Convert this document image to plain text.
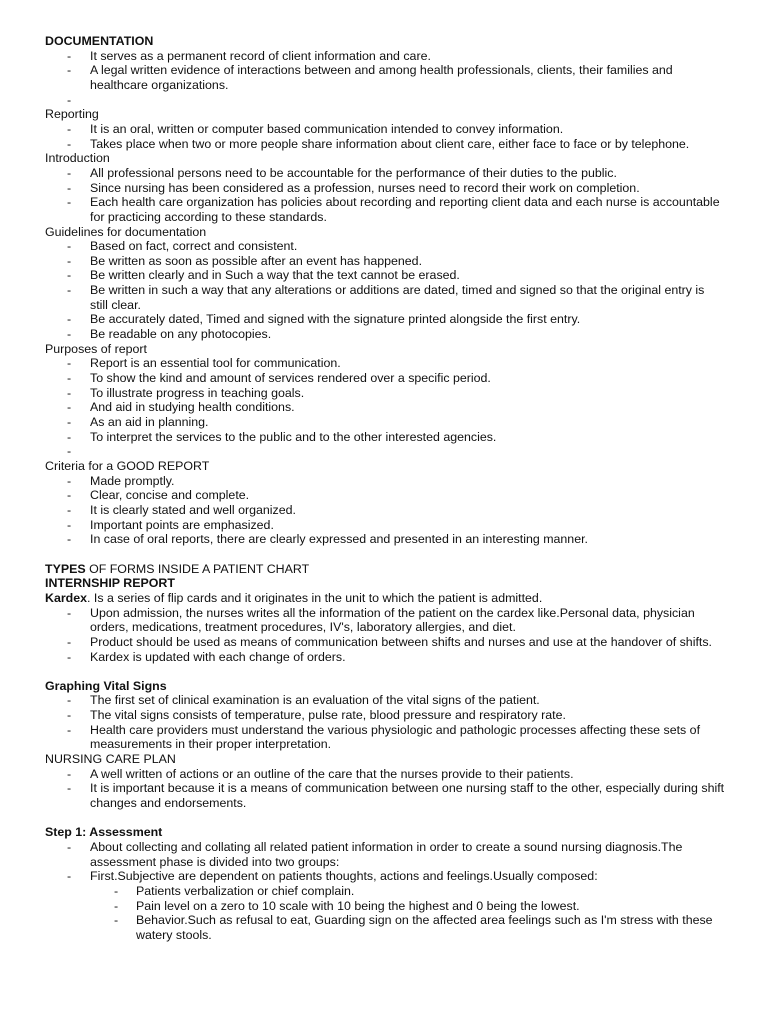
DOCUMENTATION

- It serves as a permanent record of client information and care.
- A legal written evidence of interactions between and among health professionals, clients, their families and healthcare organizations.
-

Reporting

- It is an oral, written or computer based communication intended to convey information.
- Takes place when two or more people share information about client care, either face to face or by telephone.

Introduction

- All professional persons need to be accountable for the performance of their duties to the public.
- Since nursing has been considered as a profession, nurses need to record their work on completion.
- Each health care organization has policies about recording and reporting client data and each nurse is accountable for practicing according to these standards.

Guidelines for documentation

- Based on fact, correct and consistent.
- Be written as soon as possible after an event has happened.
- Be written clearly and in Such a way that the text cannot be erased.
- Be written in such a way that any alterations or additions are dated, timed and signed so that the original entry is still clear.
- Be accurately dated, Timed and signed with the signature printed alongside the first entry.
- Be readable on any photocopies.

Purposes of report

- Report is an essential tool for communication.
- To show the kind and amount of services rendered over a specific period.
- To illustrate progress in teaching goals.
- And aid in studying health conditions.
- As an aid in planning.
- To interpret the services to the public and to the other interested agencies.
-

Criteria for a GOOD REPORT

- Made promptly.
- Clear, concise and complete.
- It is clearly stated and well organized.
- Important points are emphasized.
- In case of oral reports, there are clearly expressed and presented in an interesting manner.

TYPES OF FORMS INSIDE A PATIENT CHART

INTERNSHIP REPORT

Kardex. Is a series of flip cards and it originates in the unit to which the patient is admitted.

- Upon admission, the nurses writes all the information of the patient on the cardex like.Personal data, physician orders, medications, treatment procedures, IV's, laboratory allergies, and diet.
- Product should be used as means of communication between shifts and nurses and use at the handover of shifts.
- Kardex is updated with each change of orders.

Graphing Vital Signs

- The first set of clinical examination is an evaluation of the vital signs of the patient.
- The vital signs consists of temperature, pulse rate, blood pressure and respiratory rate.
- Health care providers must understand the various physiologic and pathologic processes affecting these sets of measurements in their proper interpretation.

NURSING CARE PLAN

- A well written of actions or an outline of the care that the nurses provide to their patients.
- It is important because it is a means of communication between one nursing staff to the other, especially during shift changes and endorsements.

Step 1: Assessment

- About collecting and collating all related patient information in order to create a sound nursing diagnosis.The assessment phase is divided into two groups:
- First.Subjective are dependent on patients thoughts, actions and feelings.Usually composed:
- Patients verbalization or chief complain.
- Pain level on a zero to 10 scale with 10 being the highest and 0 being the lowest.
- Behavior.Such as refusal to eat, Guarding sign on the affected area feelings such as I'm stress with these watery stools.
